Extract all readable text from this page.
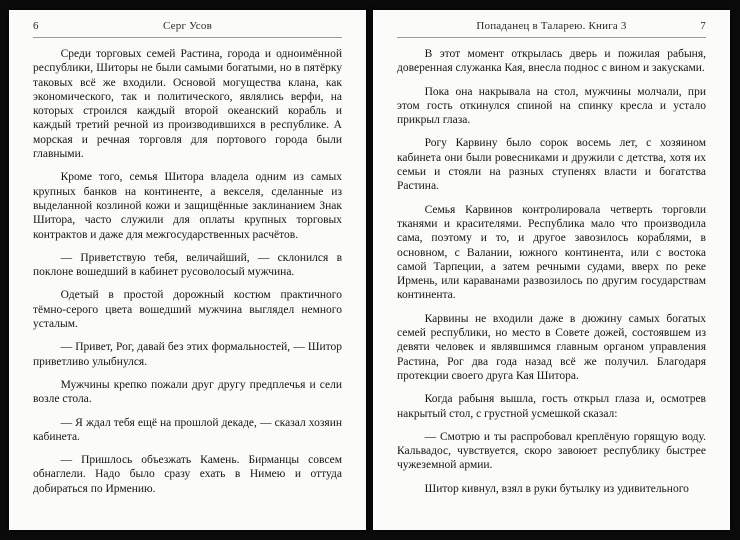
6	Серг Усов

Среди торговых семей Растина, города и одноимённой республики, Шиторы не были самыми богатыми, но в пятёрку таковых всё же входили. Основой могущества клана, как экономического, так и политического, являлись верфи, на которых строился каждый второй океанский корабль и каждый третий речной из производившихся в республике. А морская и речная торговля для портового города были главными.

Кроме того, семья Шитора владела одним из самых крупных банков на континенте, а векселя, сделанные из выделанной козлиной кожи и защищённые заклинанием Знак Шитора, часто служили для оплаты крупных торговых контрактов и даже для межгосударственных расчётов.

— Приветствую тебя, величайший, — склонился в поклоне вошедший в кабинет русоволосый мужчина.

Одетый в простой дорожный костюм практичного тёмно-серого цвета вошедший мужчина выглядел немного усталым.

— Привет, Рог, давай без этих формальностей, — Шитор приветливо улыбнулся.

Мужчины крепко пожали друг другу предплечья и сели возле стола.

— Я ждал тебя ещё на прошлой декаде, — сказал хозяин кабинета.

— Пришлось объезжать Камень. Бирманцы совсем обнаглели. Надо было сразу ехать в Нимею и оттуда добираться по Ирмению.

Попаданец в Таларею. Книга 3	7

В этот момент открылась дверь и пожилая рабыня, доверенная служанка Кая, внесла поднос с вином и закусками.

Пока она накрывала на стол, мужчины молчали, при этом гость откинулся спиной на спинку кресла и устало прикрыл глаза.

Рогу Карвину было сорок восемь лет, с хозяином кабинета они были ровесниками и дружили с детства, хотя их семьи и стояли на разных ступенях власти и богатства Растина.

Семья Карвинов контролировала четверть торговли тканями и красителями. Республика мало что производила сама, поэтому и то, и другое завозилось кораблями, в основном, с Валании, южного континента, или с востока самой Тарпеции, а затем речными судами, вверх по реке Ирмень, или караванами развозилось по другим государствам континента.

Карвины не входили даже в дюжину самых богатых семей республики, но место в Совете дожей, состоявшем из девяти человек и являвшимся главным органом управления Растина, Рог два года назад всё же получил. Благодаря протекции своего друга Кая Шитора.

Когда рабыня вышла, гость открыл глаза и, осмотрев накрытый стол, с грустной усмешкой сказал:

— Смотрю и ты распробовал креплёную горящую воду. Кальвадос, чувствуется, скоро завоюет республику быстрее чужеземной армии.

Шитор кивнул, взял в руки бутылку из удивительного
